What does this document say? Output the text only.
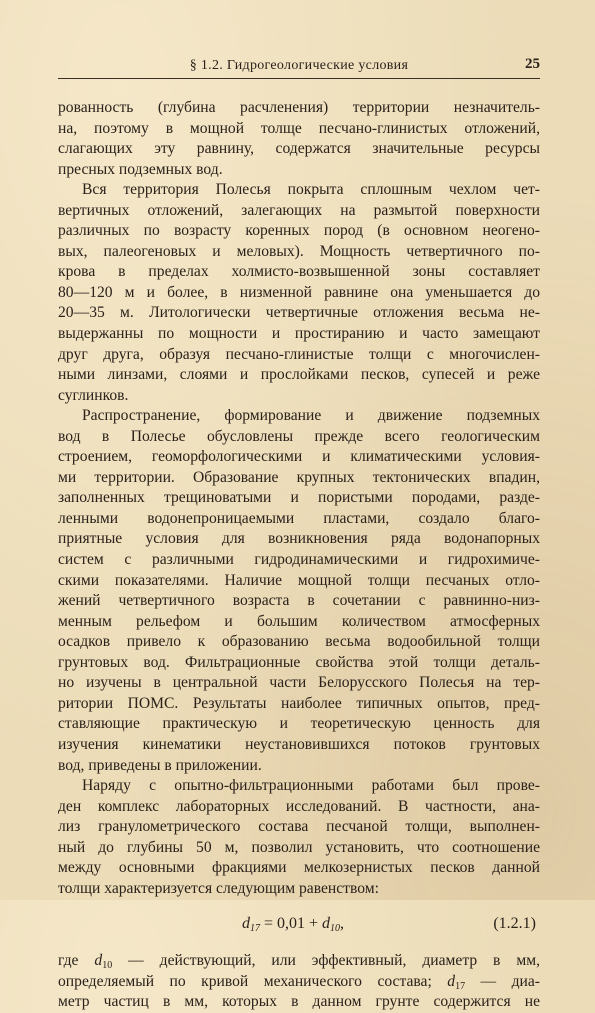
§ 1.2. Гидрогеологические условия	25
рованность (глубина расчленения) территории незначитель-
на, поэтому в мощной толще песчано-глинистых отложений,
слагающих эту равнину, содержатся значительные ресурсы
пресных подземных вод.
Вся территория Полесья покрыта сплошным чехлом чет-
вертичных отложений, залегающих на размытой поверхности
различных по возрасту коренных пород (в основном неогено-
вых, палеогеновых и меловых). Мощность четвертичного по-
крова в пределах холмисто-возвышенной зоны составляет
80—120 м и более, в низменной равнине она уменьшается до
20—35 м. Литологически четвертичные отложения весьма не-
выдержанны по мощности и простиранию и часто замещают
друг друга, образуя песчано-глинистые толщи с многочислен-
ными линзами, слоями и прослойками песков, супесей и реже
суглинков.
Распространение, формирование и движение подземных
вод в Полесье обусловлены прежде всего геологическим
строением, геоморфологическими и климатическими условия-
ми территории. Образование крупных тектонических впадин,
заполненных трещиноватыми и пористыми породами, разде-
ленными водонепроницаемыми пластами, создало благо-
приятные условия для возникновения ряда водонапорных
систем с различными гидродинамическими и гидрохимиче-
скими показателями. Наличие мощной толщи песчаных отло-
жений четвертичного возраста в сочетании с равнинно-низ-
менным рельефом и большим количеством атмосферных
осадков привело к образованию весьма водообильной толщи
грунтовых вод. Фильтрационные свойства этой толщи деталь-
но изучены в центральной части Белорусского Полесья на тер-
ритории ПОМС. Результаты наиболее типичных опытов, пред-
ставляющие практическую и теоретическую ценность для
изучения кинематики неустановившихся потоков грунтовых
вод, приведены в приложении.
Наряду с опытно-фильтрационными работами был прове-
ден комплекс лабораторных исследований. В частности, ана-
лиз гранулометрического состава песчаной толщи, выполнен-
ный до глубины 50 м, позволил установить, что соотношение
между основными фракциями мелкозернистых песков данной
толщи характеризуется следующим равенством:
$d_{17} = 0,01 + d_{10}$,	(1.2.1)
где $d_{10}$ — действующий, или эффективный, диаметр в мм,
определяемый по кривой механического состава; $d_{17}$ — диа-
метр частиц в мм, которых в данном грунте содержится не
